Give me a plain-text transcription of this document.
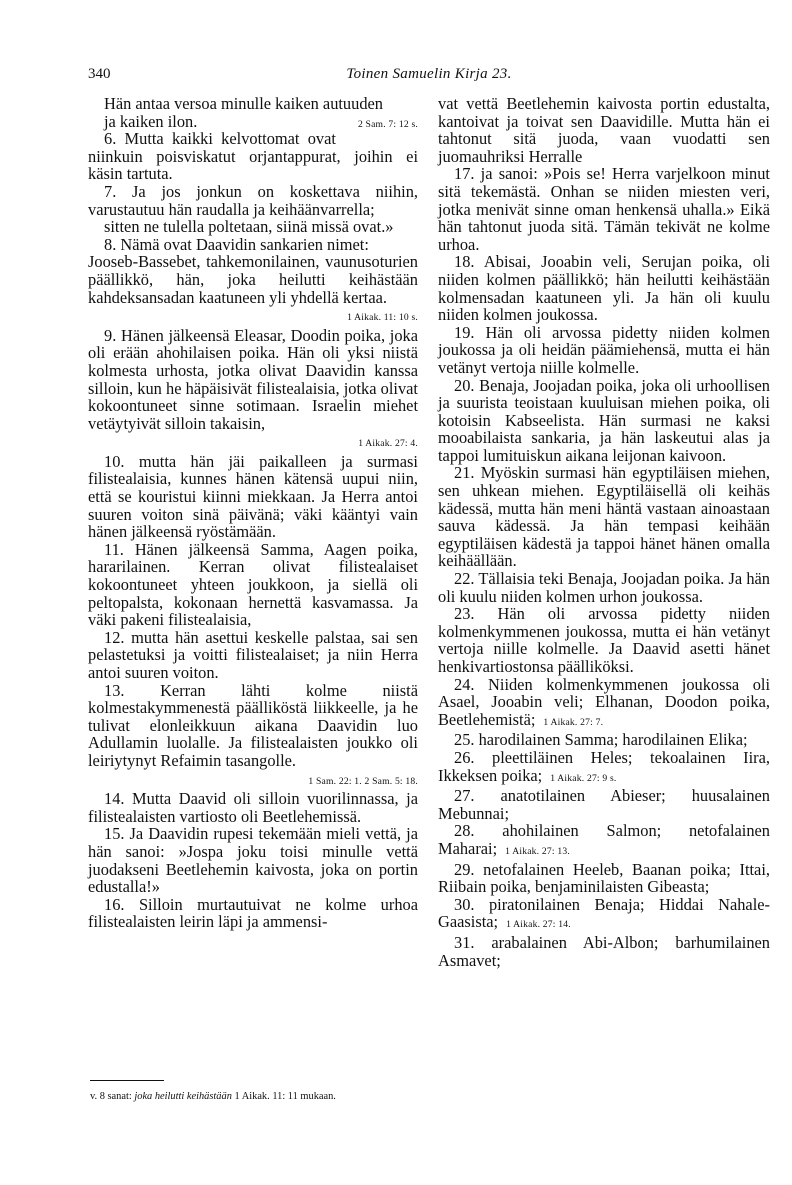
340	Toinen Samuelin Kirja 23.

Hän antaa versoa minulle kaiken autuuden

2 Sam. 7: 12 s.
ja kaiken ilon.

6. Mutta kaikki kelvottomat ovat niinkuin poisviskatut orjantappurat, joihin ei käsin tartuta.

7. Ja jos jonkun on koskettava niihin, varustautuu hän raudalla ja keihäänvarrella;

sitten ne tulella poltetaan, siinä missä ovat.»

8. Nämä ovat Daavidin sankarien nimet:

Jooseb-Bassebet, tahkemonilainen, vaunusoturien päällikkö, hän, joka heilutti keihästään kahdeksansadan kaatuneen yli yhdellä kertaa.

1 Aikak. 11: 10 s.

9. Hänen jälkeensä Eleasar, Doodin poika, joka oli erään ahohilaisen poika. Hän oli yksi niistä kolmesta urhosta, jotka olivat Daavidin kanssa silloin, kun he häpäisivät filistealaisia, jotka olivat kokoontuneet sinne sotimaan. Israelin miehet vetäytyivät silloin takaisin,

1 Aikak. 27: 4.

10. mutta hän jäi paikalleen ja surmasi filistealaisia, kunnes hänen kätensä uupui niin, että se kouristui kiinni miekkaan. Ja Herra antoi suuren voiton sinä päivänä; väki kääntyi vain hänen jälkeensä ryöstämään.

11. Hänen jälkeensä Samma, Aagen poika, hararilainen. Kerran olivat filistealaiset kokoontuneet yhteen joukkoon, ja siellä oli peltopalsta, kokonaan hernettä kasvamassa. Ja väki pakeni filistealaisia,

12. mutta hän asettui keskelle palstaa, sai sen pelastetuksi ja voitti filistealaiset; ja niin Herra antoi suuren voiton.

13. Kerran lähti kolme niistä kolmestakymmenestä päälliköstä liikkeelle, ja he tulivat elonleikkuun aikana Daavidin luo Adullamin luolalle. Ja filistealaisten joukko oli leiriytynyt Refaimin tasangolle.

1 Sam. 22: 1. 2 Sam. 5: 18.

14. Mutta Daavid oli silloin vuorilinnassa, ja filistealaisten vartiosto oli Beetlehemissä.

15. Ja Daavidin rupesi tekemään mieli vettä, ja hän sanoi: »Jospa joku toisi minulle vettä juodakseni Beetlehemin kaivosta, joka on portin edustalla!»

16. Silloin murtautuivat ne kolme urhoa filistealaisten leirin läpi ja ammensi-

vat vettä Beetlehemin kaivosta portin edustalta, kantoivat ja toivat sen Daavidille. Mutta hän ei tahtonut sitä juoda, vaan vuodatti sen juomauhriksi Herralle

17. ja sanoi: »Pois se! Herra varjelkoon minut sitä tekemästä. Onhan se niiden miesten veri, jotka menivät sinne oman henkensä uhalla.» Eikä hän tahtonut juoda sitä. Tämän tekivät ne kolme urhoa.

18. Abisai, Jooabin veli, Serujan poika, oli niiden kolmen päällikkö; hän heilutti keihästään kolmensadan kaatuneen yli. Ja hän oli kuulu niiden kolmen joukossa.

19. Hän oli arvossa pidetty niiden kolmen joukossa ja oli heidän päämiehensä, mutta ei hän vetänyt vertoja niille kolmelle.

20. Benaja, Joojadan poika, joka oli urhoollisen ja suurista teoistaan kuuluisan miehen poika, oli kotoisin Kabseelista. Hän surmasi ne kaksi mooabilaista sankaria, ja hän laskeutui alas ja tappoi lumituiskun aikana leijonan kaivoon.

21. Myöskin surmasi hän egyptiläisen miehen, sen uhkean miehen. Egyptiläisellä oli keihäs kädessä, mutta hän meni häntä vastaan ainoastaan sauva kädessä. Ja hän tempasi keihään egyptiläisen kädestä ja tappoi hänet hänen omalla keihäällään.

22. Tällaisia teki Benaja, Joojadan poika. Ja hän oli kuulu niiden kolmen urhon joukossa.

23. Hän oli arvossa pidetty niiden kolmenkymmenen joukossa, mutta ei hän vetänyt vertoja niille kolmelle. Ja Daavid asetti hänet henkivartiostonsa päälliköksi.

24. Niiden kolmenkymmenen joukossa oli Asael, Jooabin veli; Elhanan, Doodon poika, Beetlehemistä; 1 Aikak. 27: 7.

25. harodilainen Samma; harodilainen Elika;

26. pleettiläinen Heles; tekoalainen Iira, Ikkeksen poika; 1 Aikak. 27: 9 s.

27. anatotilainen Abieser; huusalainen Mebunnai;

28. ahohilainen Salmon; netofalainen Maharai; 1 Aikak. 27: 13.

29. netofalainen Heeleb, Baanan poika; Ittai, Riibain poika, benjaminilaisten Gibeasta;

30. piratonilainen Benaja; Hiddai Nahale-Gaasista; 1 Aikak. 27: 14.

31. arabalainen Abi-Albon; barhumilainen Asmavet;

v. 8 sanat: joka heilutti keihästään 1 Aikak. 11: 11 mukaan.
